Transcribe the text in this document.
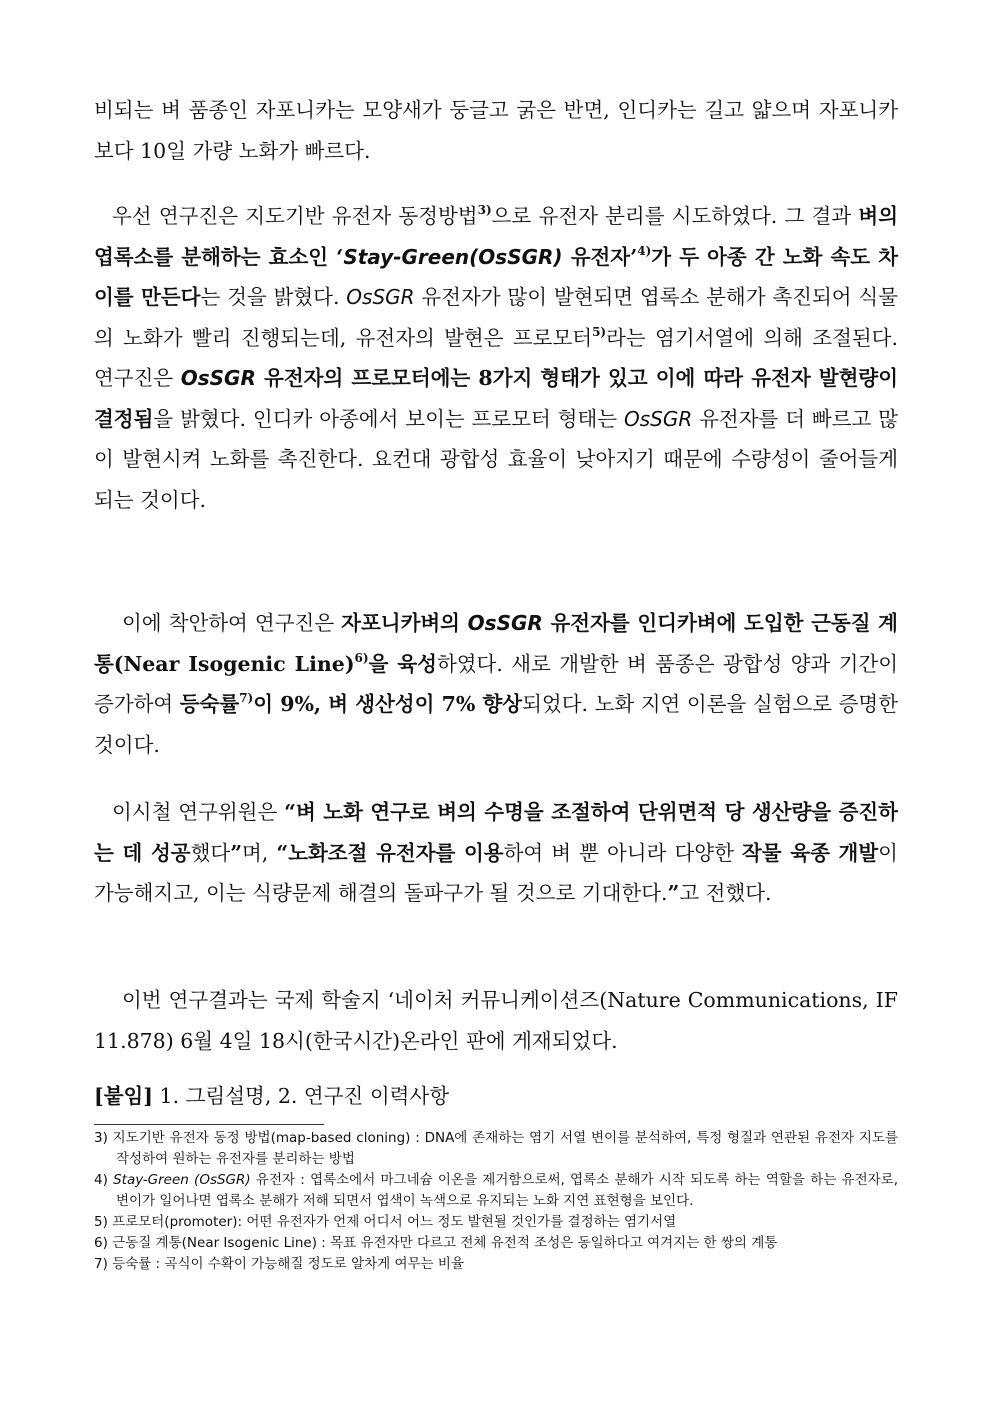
비되는 벼 품종인 자포니카는 모양새가 둥글고 굵은 반면, 인디카는 길고 얇으며 자포니카보다 10일 가량 노화가 빠르다.

우선 연구진은 지도기반 유전자 동정방법$^{3)}$으로 유전자 분리를 시도하였다. 그 결과 벼의 엽록소를 분해하는 효소인 ‘Stay-Green(OsSGR) 유전자’$^{4)}$가 두 아종 간 노화 속도 차이를 만든다는 것을 밝혔다. OsSGR 유전자가 많이 발현되면 엽록소 분해가 촉진되어 식물의 노화가 빨리 진행되는데, 유전자의 발현은 프로모터$^{5)}$라는 염기서열에 의해 조절된다. 연구진은 OsSGR 유전자의 프로모터에는 8가지 형태가 있고 이에 따라 유전자 발현량이 결정됨을 밝혔다. 인디카 아종에서 보이는 프로모터 형태는 OsSGR 유전자를 더 빠르고 많이 발현시켜 노화를 촉진한다. 요컨대 광합성 효율이 낮아지기 때문에 수량성이 줄어들게 되는 것이다.

이에 착안하여 연구진은 자포니카벼의 OsSGR 유전자를 인디카벼에 도입한 근동질 계통(Near Isogenic Line)$^{6)}$을 육성하였다. 새로 개발한 벼 품종은 광합성 양과 기간이 증가하여 등숙률$^{7)}$이 9%, 벼 생산성이 7% 향상되었다. 노화 지연 이론을 실험으로 증명한 것이다.

이시철 연구위원은 “벼 노화 연구로 벼의 수명을 조절하여 단위면적 당 생산량을 증진하는 데 성공했다”며, “노화조절 유전자를 이용하여 벼 뿐 아니라 다양한 작물 육종 개발이 가능해지고, 이는 식량문제 해결의 돌파구가 될 것으로 기대한다.”고 전했다.

이번 연구결과는 국제 학술지 ‘네이처 커뮤니케이션즈(Nature Communications, IF 11.878) 6월 4일 18시(한국시간)온라인 판에 게재되었다.

[붙임] 1. 그림설명, 2. 연구진 이력사항

3) 지도기반 유전자 동정 방법(map-based cloning) : DNA에 존재하는 염기 서열 변이를 분석하여, 특정 형질과 연관된 유전자 지도를 작성하여 원하는 유전자를 분리하는 방법

4) Stay-Green (OsSGR) 유전자 : 엽록소에서 마그네슘 이온을 제거함으로써, 엽록소 분해가 시작 되도록 하는 역할을 하는 유전자로, 변이가 일어나면 엽록소 분해가 저해 되면서 엽색이 녹색으로 유지되는 노화 지연 표현형을 보인다.

5) 프로모터(promoter): 어떤 유전자가 언제 어디서 어느 정도 발현될 것인가를 결정하는 염기서열

6) 근동질 계통(Near Isogenic Line) : 목표 유전자만 다르고 전체 유전적 조성은 동일하다고 여겨지는 한 쌍의 계통

7) 등숙률 : 곡식이 수확이 가능해질 정도로 알차게 여무는 비율
